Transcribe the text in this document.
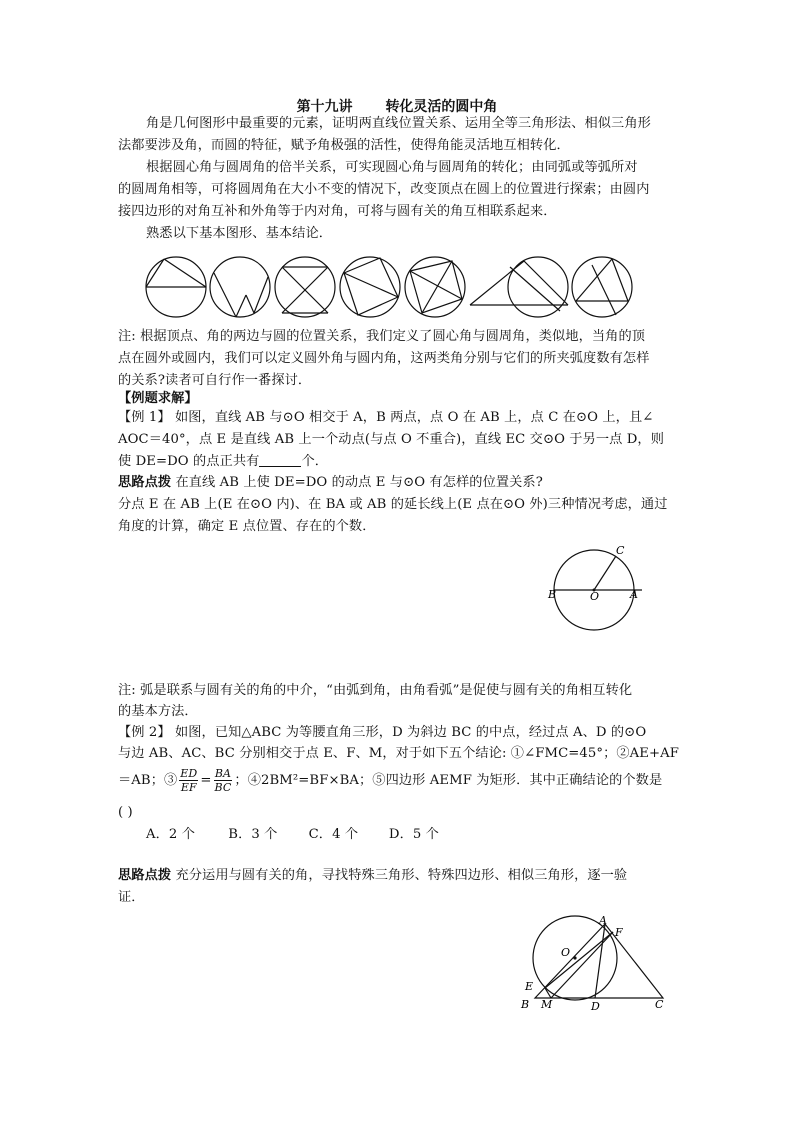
第十九讲 转化灵活的圆中角
角是几何图形中最重要的元素，证明两直线位置关系、运用全等三角形法、相似三角形
法都要涉及角，而圆的特征，赋予角极强的活性，使得角能灵活地互相转化．
根据圆心角与圆周角的倍半关系，可实现圆心角与圆周角的转化；由同弧或等弧所对
的圆周角相等，可将圆周角在大小不变的情况下，改变顶点在圆上的位置进行探索；由圆内
接四边形的对角互补和外角等于内对角，可将与圆有关的角互相联系起来．
熟悉以下基本图形、基本结论．
注: 根据顶点、角的两边与圆的位置关系，我们定义了圆心角与圆周角，类似地，当角的顶
点在圆外或圆内，我们可以定义圆外角与圆内角，这两类角分别与它们的所夹弧度数有怎样
的关系?读者可自行作一番探讨．
【例题求解】
【例 1】 如图，直线 AB 与⊙O 相交于 A，B 两点，点 O 在 AB 上，点 C 在⊙O 上，且∠
AOC＝40°，点 E 是直线 AB 上一个动点(与点 O 不重合)，直线 EC 交⊙O 于另一点 D，则
使 DE=DO 的点正共有	个．
思路点拨 在直线 AB 上使 DE=DO 的动点 E 与⊙O 有怎样的位置关系?
分点 E 在 AB 上(E 在⊙O 内)、在 BA 或 AB 的延长线上(E 点在⊙O 外)三种情况考虑，通过
角度的计算，确定 E 点位置、存在的个数．
C
B	O	A
注: 弧是联系与圆有关的角的中介，“由弧到角，由角看弧”是促使与圆有关的角相互转化
的基本方法．
【例 2】 如图，已知△ABC 为等腰直角三形，D 为斜边 BC 的中点，经过点 A、D 的⊙O
与边 AB、AC、BC 分别相交于点 E、F、M，对于如下五个结论: ①∠FMC=45°；②AE+AF
＝AB；③ $\frac{ED}{EF} = \frac{BA}{BC}$ ；④2BM²=BF×BA；⑤四边形 AEMF 为矩形．其中正确结论的个数是
( )
A．2 个	B．3 个 C．4 个 D．5 个
思路点拨 充分运用与圆有关的角，寻找特殊三角形、特殊四边形、相似三角形，逐一验
证．
A
F
O
E
B M	D	C
